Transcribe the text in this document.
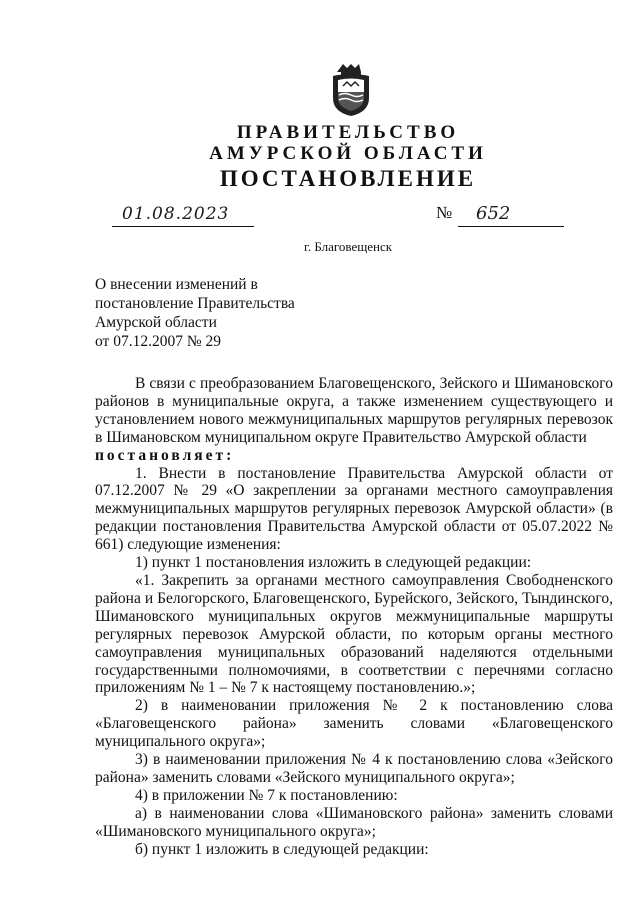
ПРАВИТЕЛЬСТВО
АМУРСКОЙ ОБЛАСТИ
ПОСТАНОВЛЕНИЕ
01.08.2023	№ 652
г. Благовещенск
О внесении изменений в
постановление Правительства
Амурской области
от 07.12.2007 № 29

В связи с преобразованием Благовещенского, Зейского и Шимановского районов в муниципальные округа, а также изменением существующего и установлением нового межмуниципальных маршрутов регулярных перевозок в Шимановском муниципальном округе Правительство Амурской области

постановляет:

1. Внести в постановление Правительства Амурской области от 07.12.2007 № 29 «О закреплении за органами местного самоуправления межмуниципальных маршрутов регулярных перевозок Амурской области» (в редакции постановления Правительства Амурской области от 05.07.2022 № 661) следующие изменения:

1) пункт 1 постановления изложить в следующей редакции:

«1. Закрепить за органами местного самоуправления Свободненского района и Белогорского, Благовещенского, Бурейского, Зейского, Тындинского, Шимановского муниципальных округов межмуниципальные маршруты регулярных перевозок Амурской области, по которым органы местного самоуправления муниципальных образований наделяются отдельными государственными полномочиями, в соответствии с перечнями согласно приложениям № 1 – № 7 к настоящему постановлению.»;

2) в наименовании приложения № 2 к постановлению слова «Благовещенского района» заменить словами «Благовещенского муниципального округа»;

3) в наименовании приложения № 4 к постановлению слова «Зейского района» заменить словами «Зейского муниципального округа»;

4) в приложении № 7 к постановлению:

а) в наименовании слова «Шимановского района» заменить словами «Шимановского муниципального округа»;

б) пункт 1 изложить в следующей редакции:
